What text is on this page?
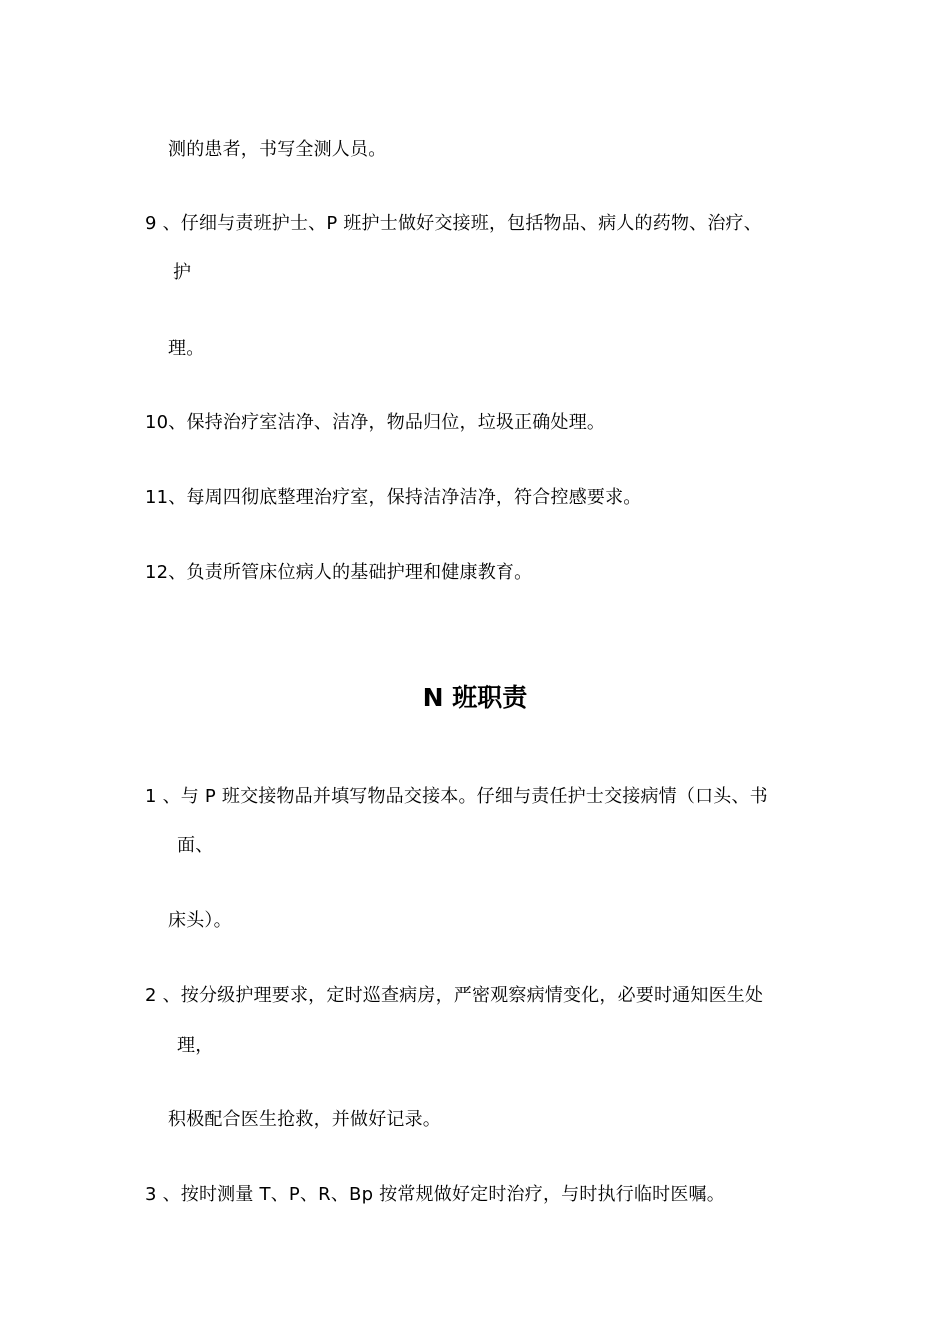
测的患者，书写全测人员。
9 、仔细与责班护士、P 班护士做好交接班，包括物品、病人的药物、治疗、
护
理。
10、保持治疗室洁净、洁净，物品归位，垃圾正确处理。
11、每周四彻底整理治疗室，保持洁净洁净，符合控感要求。
12、负责所管床位病人的基础护理和健康教育。
N 班职责
1 、与 P 班交接物品并填写物品交接本。仔细与责任护士交接病情（口头、书
面、
床头）。
2 、按分级护理要求，定时巡查病房，严密观察病情变化，必要时通知医生处
理，
积极配合医生抢救，并做好记录。
3 、按时测量 T、P、R、Bp 按常规做好定时治疗，与时执行临时医嘱。
